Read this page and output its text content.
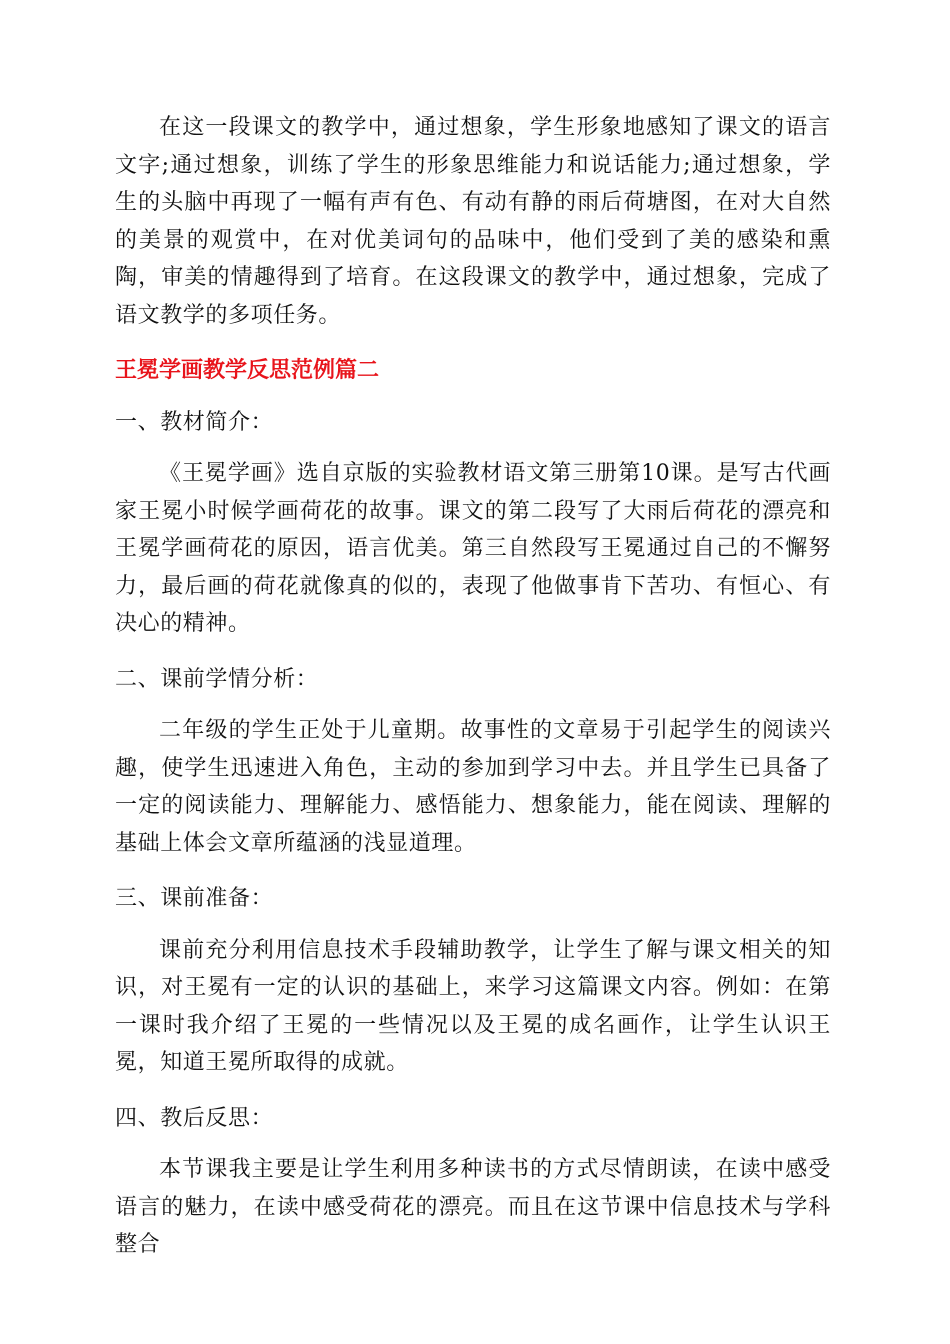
在这一段课文的教学中，通过想象，学生形象地感知了课文的语言文字;通过想象，训练了学生的形象思维能力和说话能力;通过想象，学生的头脑中再现了一幅有声有色、有动有静的雨后荷塘图，在对大自然的美景的观赏中，在对优美词句的品味中，他们受到了美的感染和熏陶，审美的情趣得到了培育。在这段课文的教学中，通过想象，完成了语文教学的多项任务。

王冕学画教学反思范例篇二

一、教材简介：

《王冕学画》选自京版的实验教材语文第三册第10课。是写古代画家王冕小时候学画荷花的故事。课文的第二段写了大雨后荷花的漂亮和王冕学画荷花的原因，语言优美。第三自然段写王冕通过自己的不懈努力，最后画的荷花就像真的似的，表现了他做事肯下苦功、有恒心、有决心的精神。

二、课前学情分析：

二年级的学生正处于儿童期。故事性的文章易于引起学生的阅读兴趣，使学生迅速进入角色，主动的参加到学习中去。并且学生已具备了一定的阅读能力、理解能力、感悟能力、想象能力，能在阅读、理解的基础上体会文章所蕴涵的浅显道理。

三、课前准备：

课前充分利用信息技术手段辅助教学，让学生了解与课文相关的知识，对王冕有一定的认识的基础上，来学习这篇课文内容。例如：在第一课时我介绍了王冕的一些情况以及王冕的成名画作，让学生认识王冕，知道王冕所取得的成就。

四、教后反思：

本节课我主要是让学生利用多种读书的方式尽情朗读，在读中感受语言的魅力，在读中感受荷花的漂亮。而且在这节课中信息技术与学科整合
